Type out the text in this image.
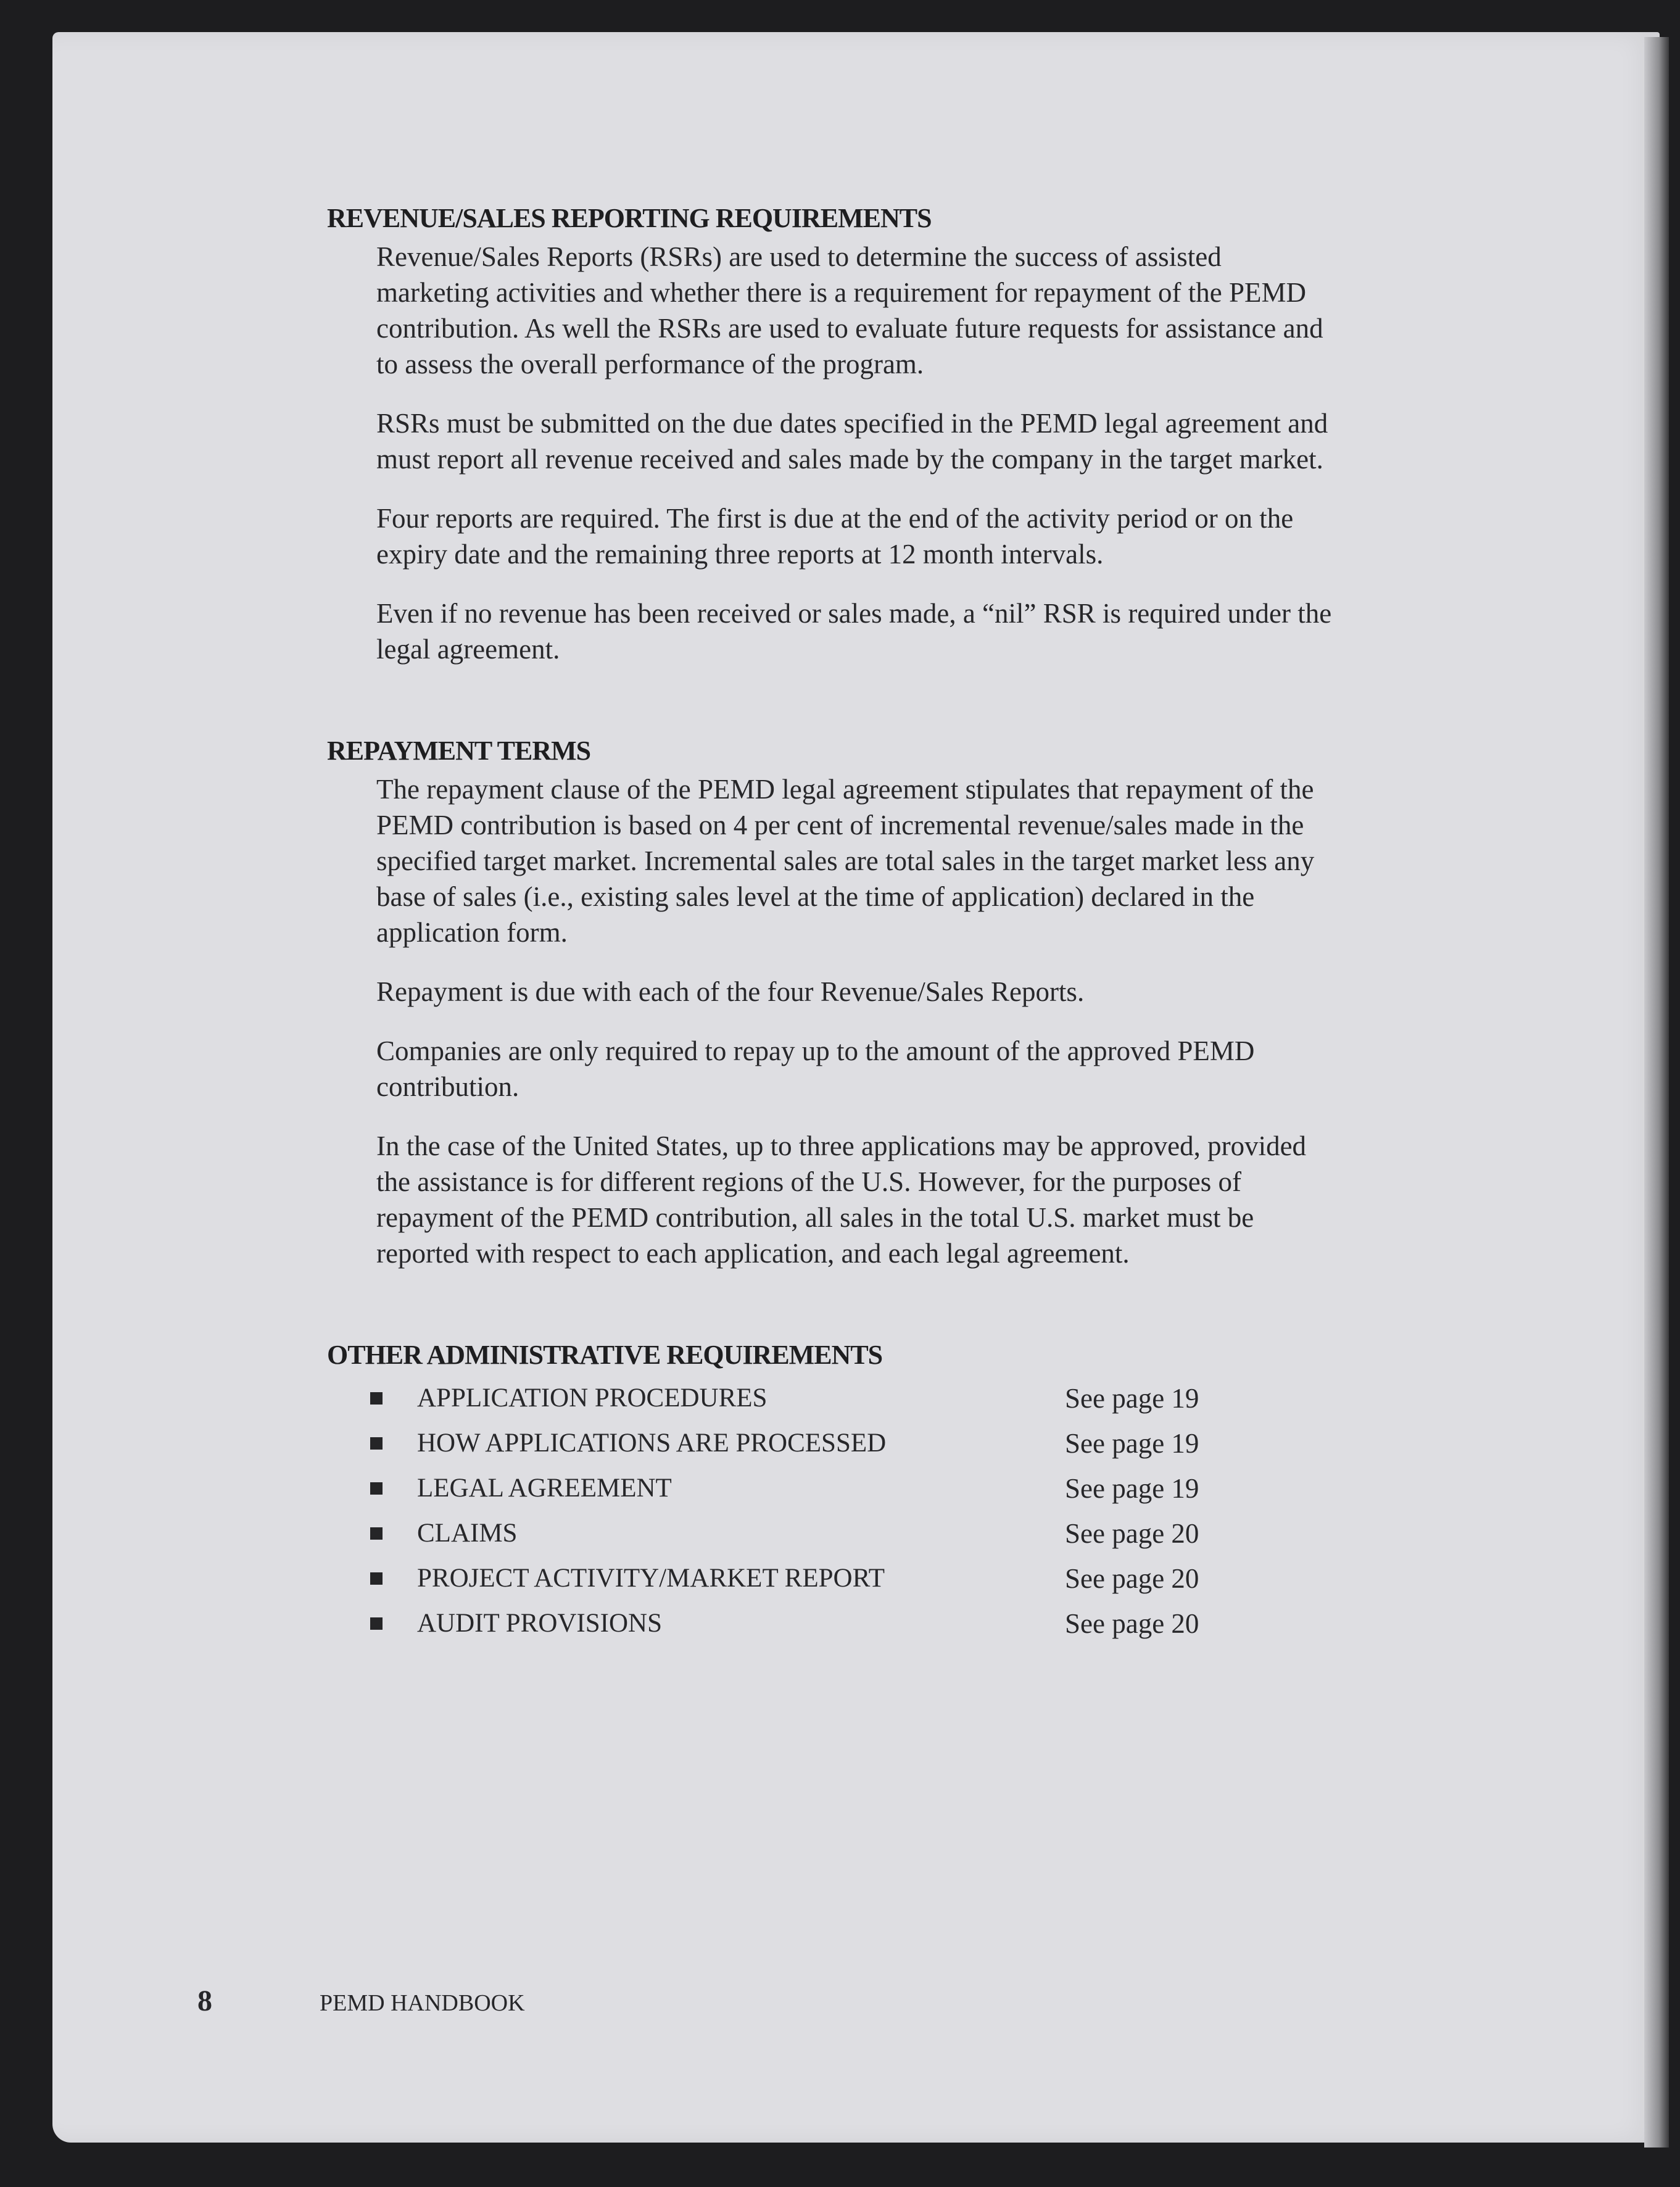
REVENUE/SALES REPORTING REQUIREMENTS

Revenue/Sales Reports (RSRs) are used to determine the success of assisted marketing activities and whether there is a requirement for repayment of the PEMD contribution. As well the RSRs are used to evaluate future requests for assistance and to assess the overall performance of the program.

RSRs must be submitted on the due dates specified in the PEMD legal agreement and must report all revenue received and sales made by the company in the target market.

Four reports are required. The first is due at the end of the activity period or on the expiry date and the remaining three reports at 12 month intervals.

Even if no revenue has been received or sales made, a “nil” RSR is required under the legal agreement.

REPAYMENT TERMS

The repayment clause of the PEMD legal agreement stipulates that repayment of the PEMD contribution is based on 4 per cent of incremental revenue/sales made in the specified target market. Incremental sales are total sales in the target market less any base of sales (i.e., existing sales level at the time of application) declared in the application form.

Repayment is due with each of the four Revenue/Sales Reports.

Companies are only required to repay up to the amount of the approved PEMD contribution.

In the case of the United States, up to three applications may be approved, provided the assistance is for different regions of the U.S. However, for the purposes of repayment of the PEMD contribution, all sales in the total U.S. market must be reported with respect to each application, and each legal agreement.

OTHER ADMINISTRATIVE REQUIREMENTS
APPLICATION PROCEDURES	See page 19
HOW APPLICATIONS ARE PROCESSED	See page 19
LEGAL AGREEMENT	See page 19
CLAIMS	See page 20
PROJECT ACTIVITY/MARKET REPORT	See page 20
AUDIT PROVISIONS	See page 20
8	PEMD HANDBOOK
